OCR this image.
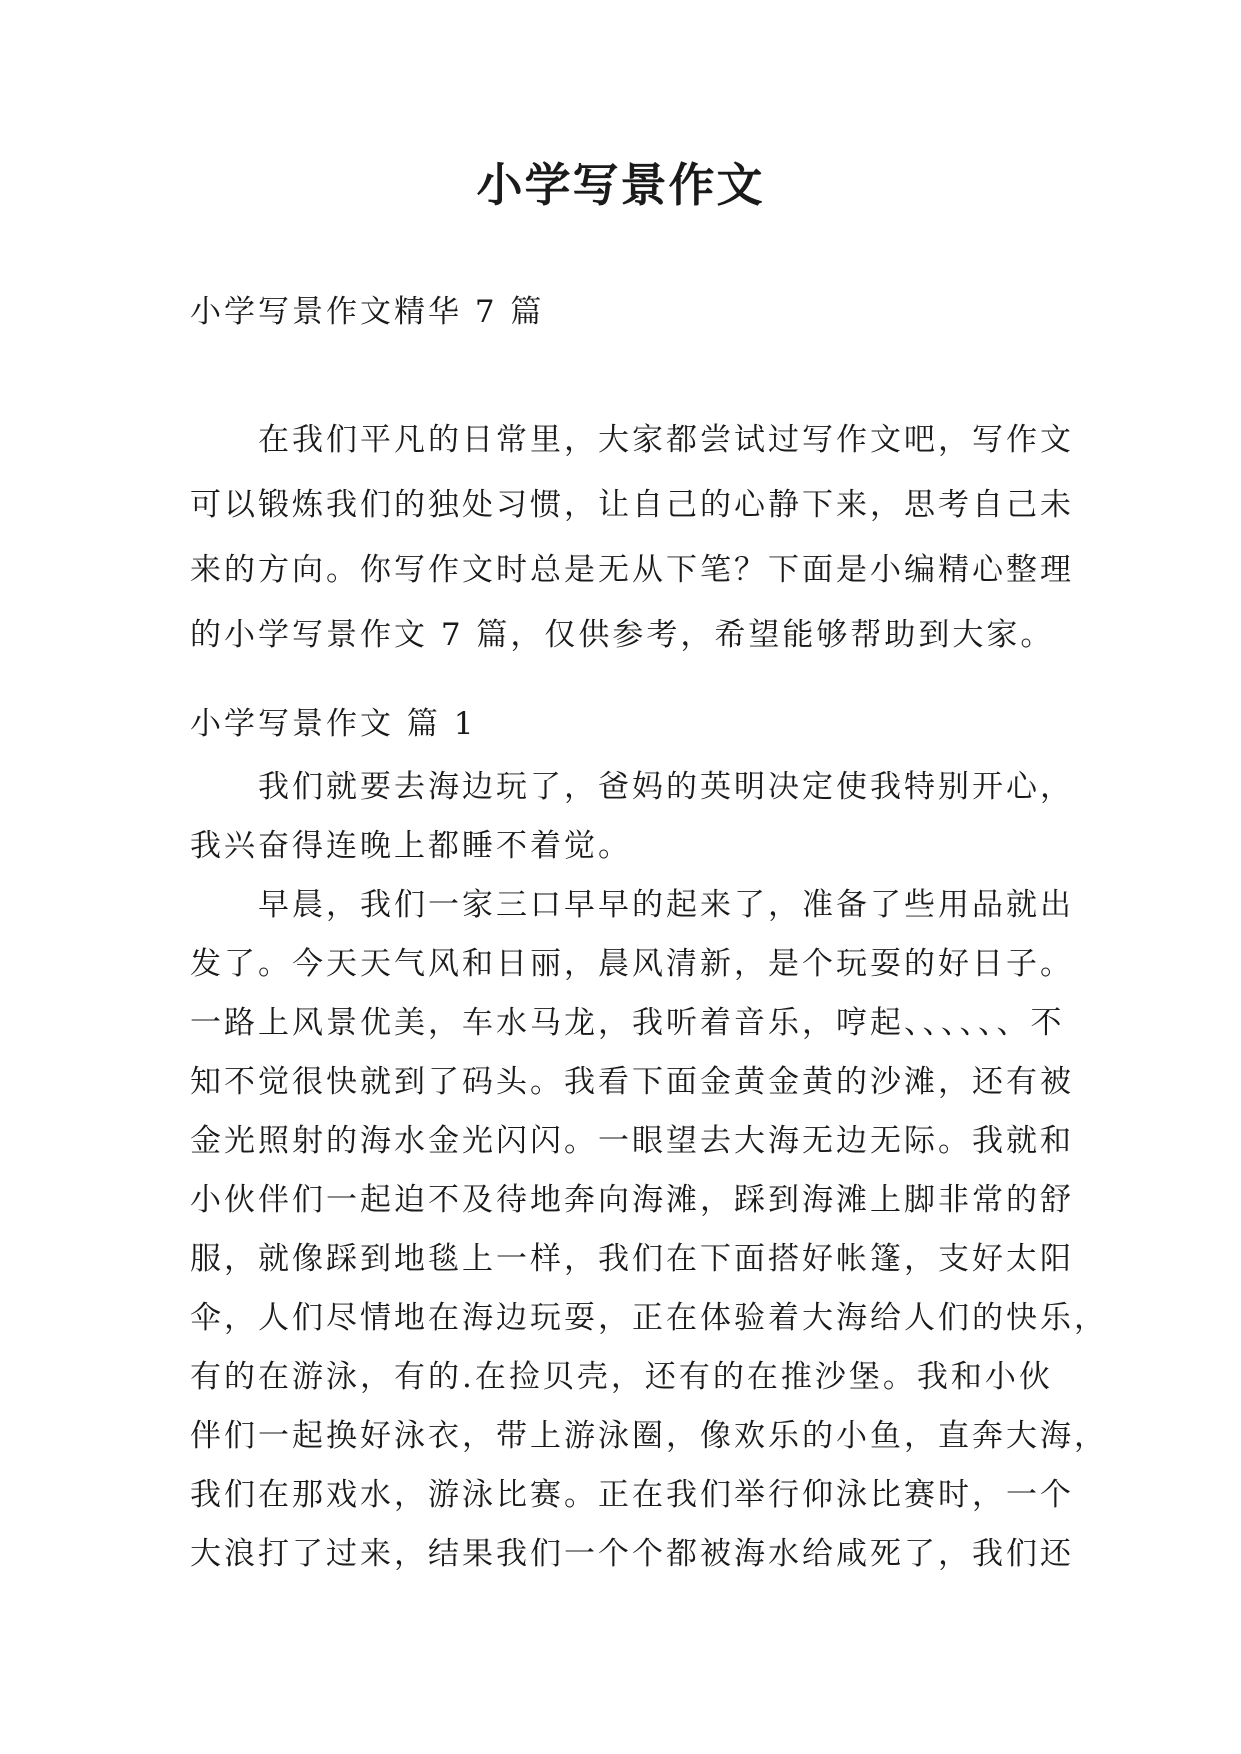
小学写景作文

小学写景作文精华 7 篇

在我们平凡的日常里，大家都尝试过写作文吧，写作文
可以锻炼我们的独处习惯，让自己的心静下来，思考自己未
来的方向。你写作文时总是无从下笔？下面是小编精心整理
的小学写景作文 7 篇，仅供参考，希望能够帮助到大家。

小学写景作文 篇 1

我们就要去海边玩了，爸妈的英明决定使我特别开心，
我兴奋得连晚上都睡不着觉。
早晨，我们一家三口早早的起来了，准备了些用品就出
发了。今天天气风和日丽，晨风清新，是个玩耍的好日子。
一路上风景优美，车水马龙，我听着音乐，哼起、、、、、、不
知不觉很快就到了码头。我看下面金黄金黄的沙滩，还有被
金光照射的海水金光闪闪。一眼望去大海无边无际。我就和
小伙伴们一起迫不及待地奔向海滩，踩到海滩上脚非常的舒
服，就像踩到地毯上一样，我们在下面搭好帐篷，支好太阳
伞，人们尽情地在海边玩耍，正在体验着大海给人们的快乐，
有的在游泳，有的.在捡贝壳，还有的在推沙堡。我和小伙
伴们一起换好泳衣，带上游泳圈，像欢乐的小鱼，直奔大海，
我们在那戏水，游泳比赛。正在我们举行仰泳比赛时，一个
大浪打了过来，结果我们一个个都被海水给咸死了，我们还
